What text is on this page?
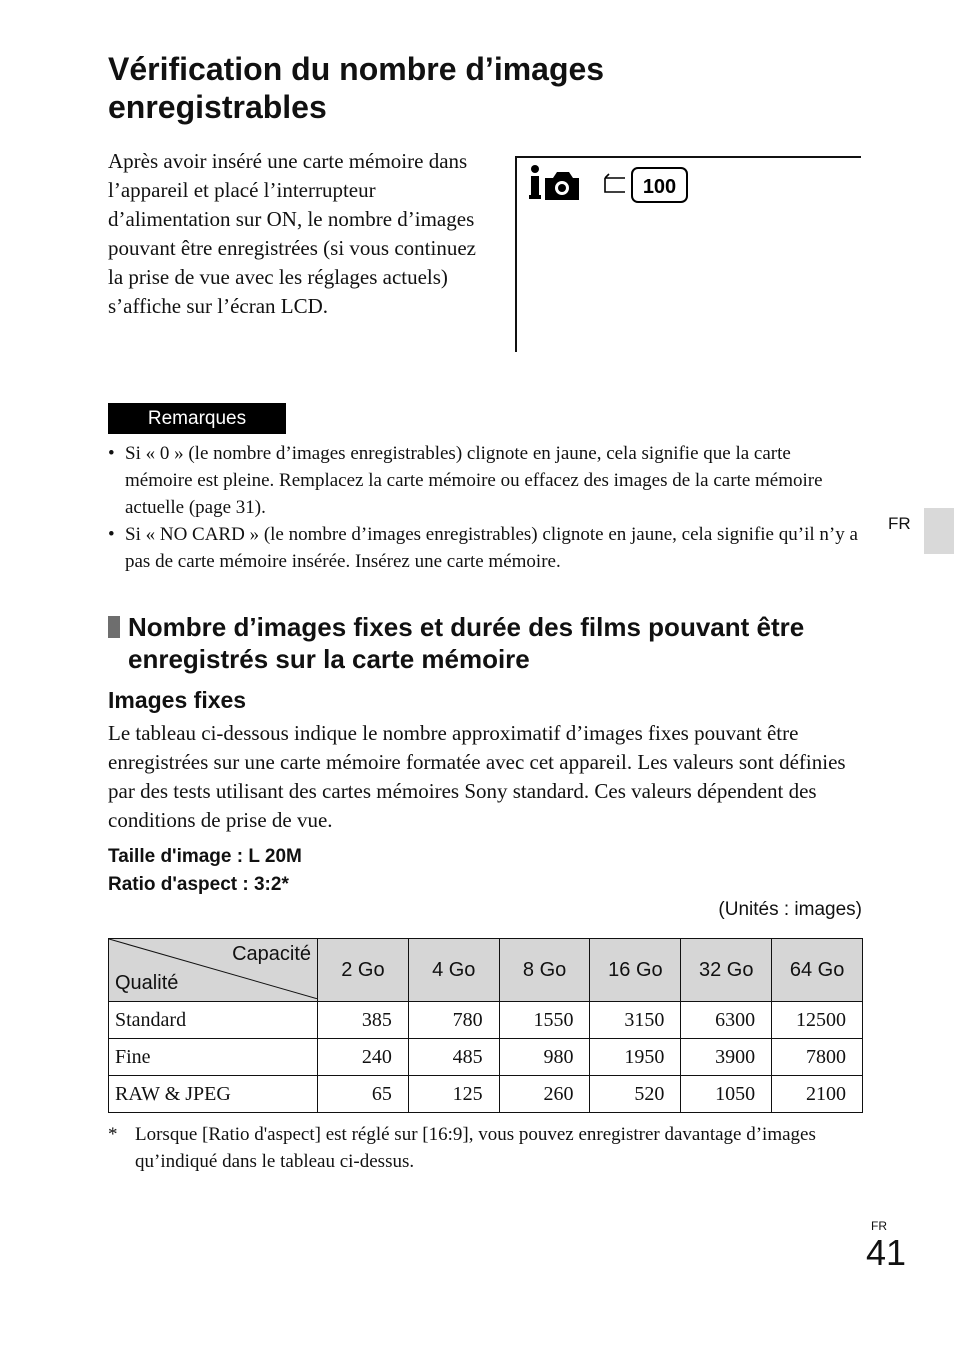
Vérification du nombre d’images enregistrables
Après avoir inséré une carte mémoire dans l’appareil et placé l’interrupteur d’alimentation sur ON, le nombre d’images pouvant être enregistrées (si vous continuez la prise de vue avec les réglages actuels) s’affiche sur l’écran LCD.
100
Remarques
• Si « 0 » (le nombre d’images enregistrables) clignote en jaune, cela signifie que la carte mémoire est pleine. Remplacez la carte mémoire ou effacez des images de la carte mémoire actuelle (page 31).
• Si « NO CARD » (le nombre d’images enregistrables) clignote en jaune, cela signifie qu’il n’y a pas de carte mémoire insérée. Insérez une carte mémoire.
FR
Nombre d’images fixes et durée des films pouvant être enregistrés sur la carte mémoire
Images fixes
Le tableau ci-dessous indique le nombre approximatif d’images fixes pouvant être enregistrées sur une carte mémoire formatée avec cet appareil. Les valeurs sont définies par des tests utilisant des cartes mémoires Sony standard. Ces valeurs dépendent des conditions de prise de vue.
Taille d'image : L 20M
Ratio d'aspect : 3:2*
(Unités : images)
Capacité
Qualité	2 Go	4 Go	8 Go	16 Go	32 Go	64 Go
Standard	385	780	1550	3150	6300	12500
Fine	240	485	980	1950	3900	7800
RAW & JPEG	65	125	260	520	1050	2100
* Lorsque [Ratio d'aspect] est réglé sur [16:9], vous pouvez enregistrer davantage d’images qu’indiqué dans le tableau ci-dessus.
FR
41
